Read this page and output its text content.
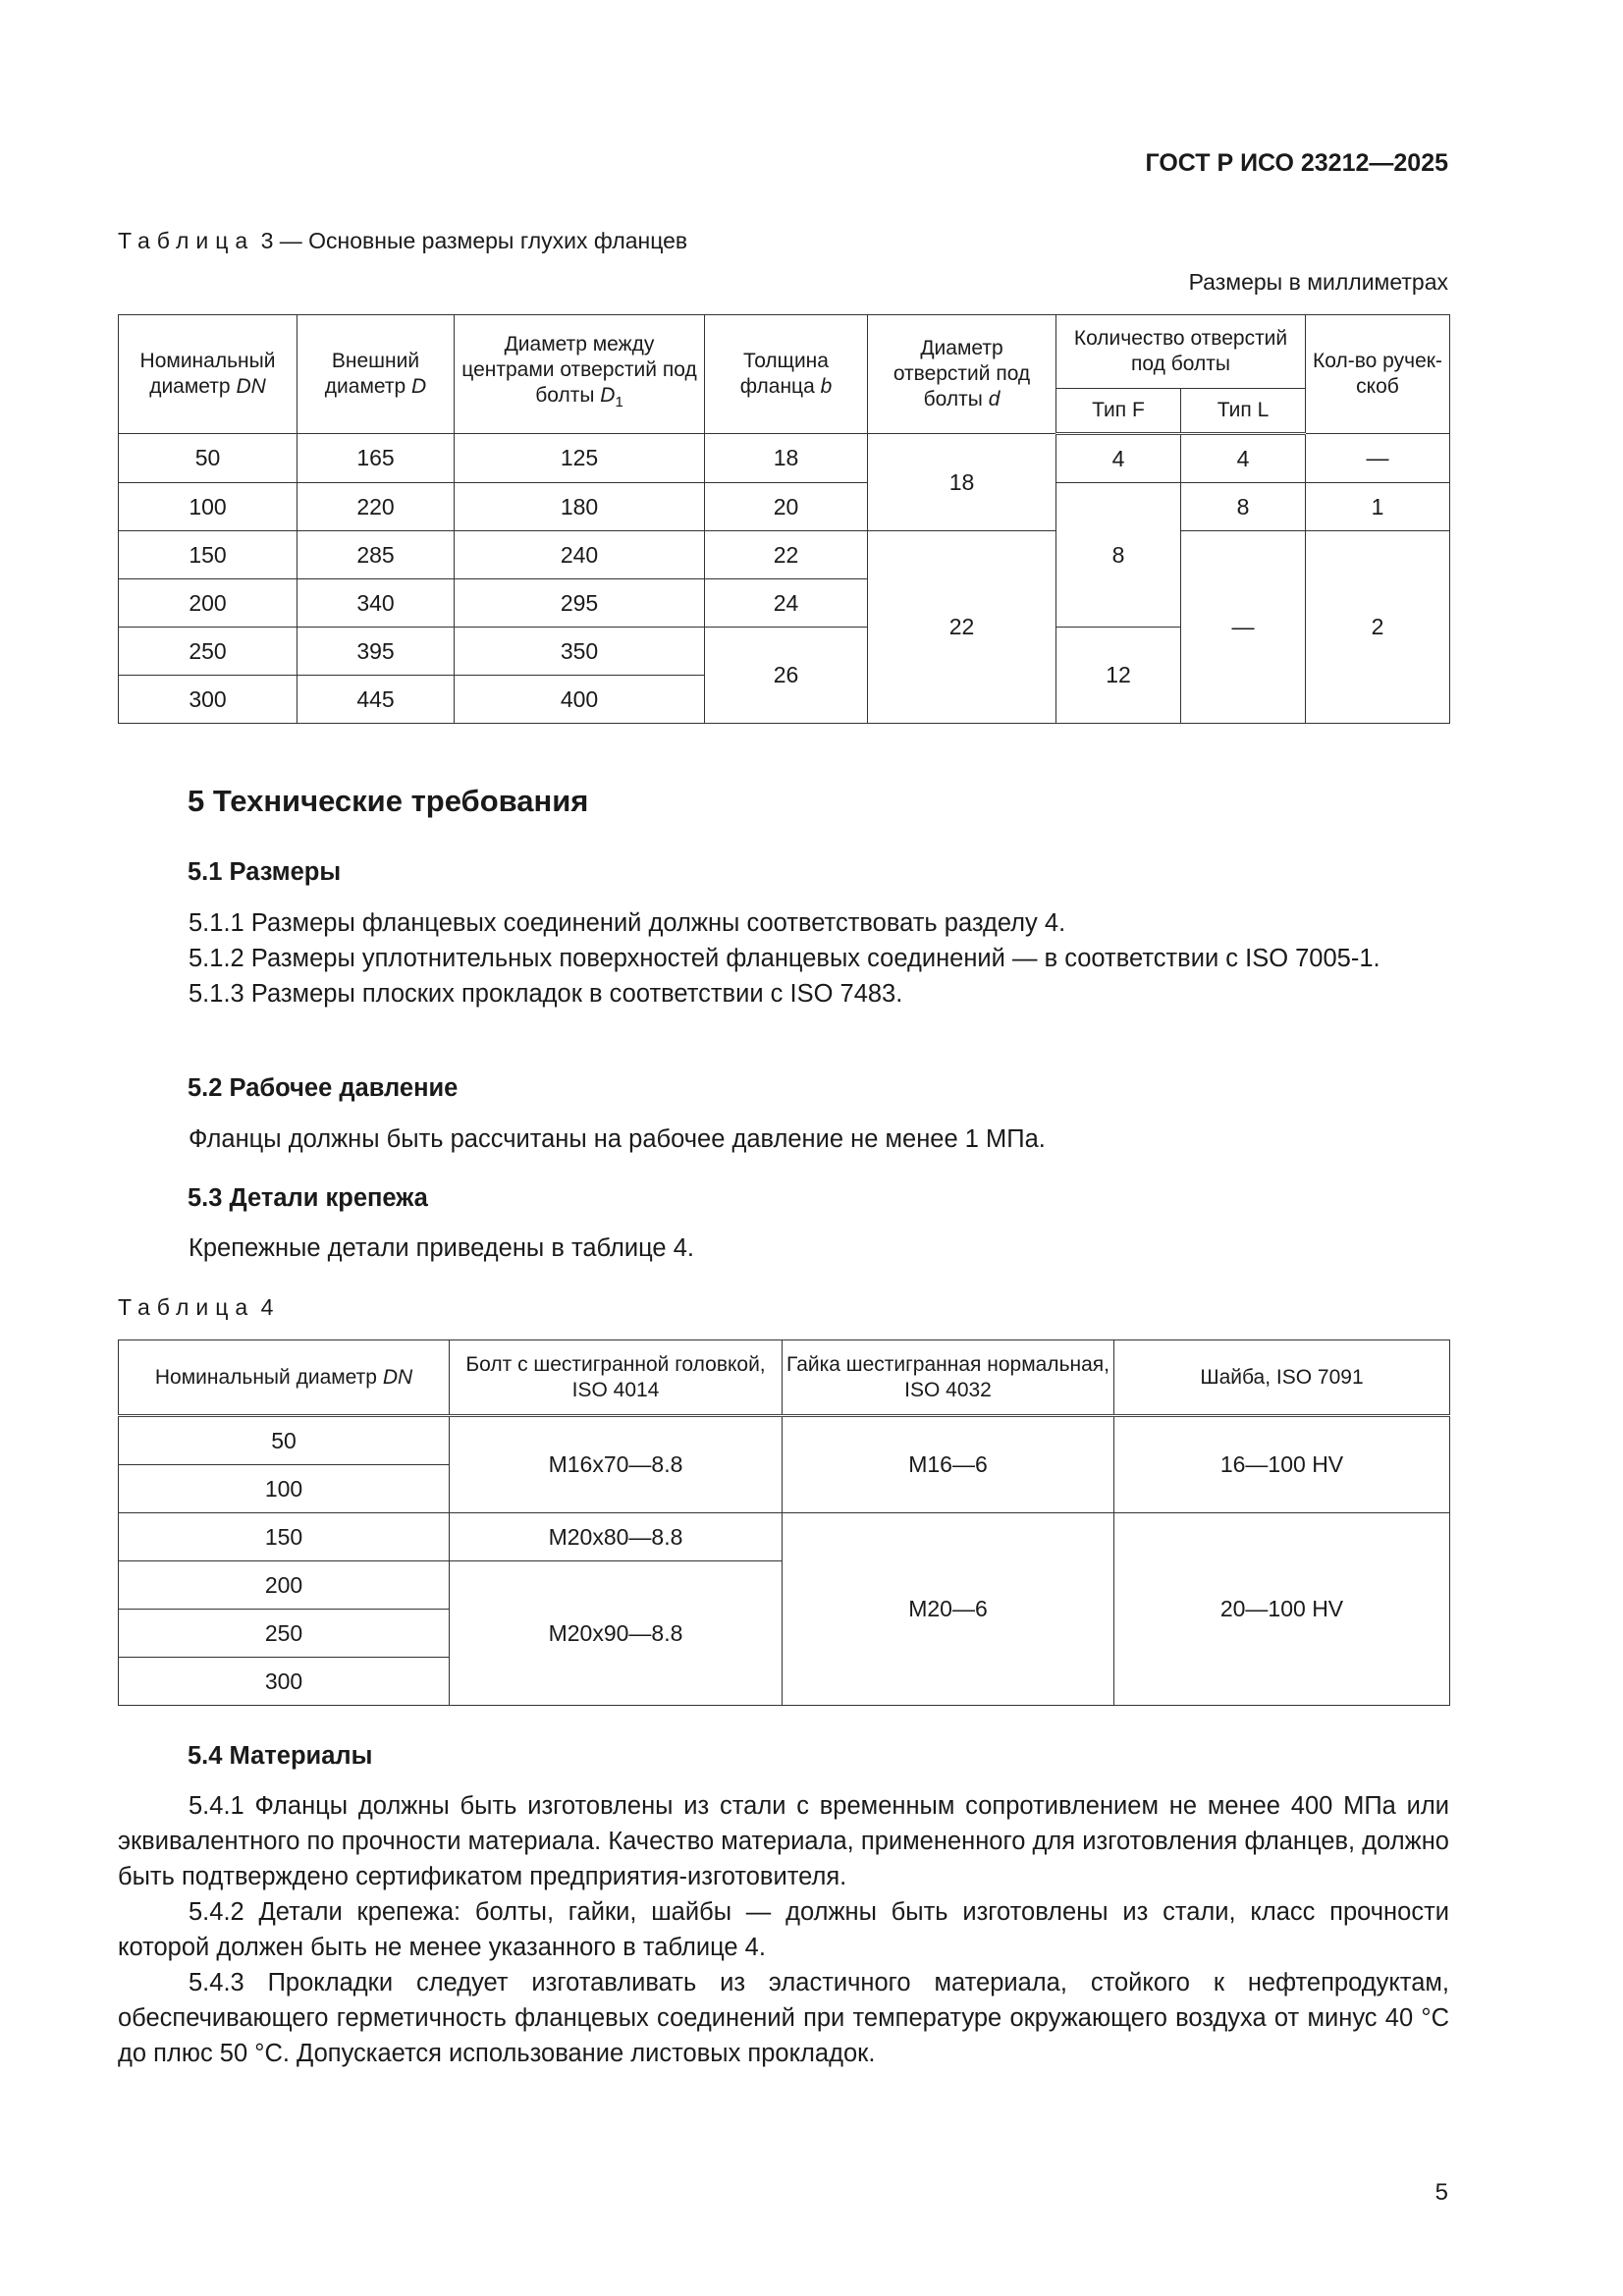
ГОСТ Р ИСО 23212—2025
Таблица 3 — Основные размеры глухих фланцев
Размеры в миллиметрах
Номинальный диаметр DN	Внешний диаметр D	Диаметр между центрами отверстий под болты $D_1$	Толщина фланца b	Диаметр отверстий под болты d	Количество отверстий под болты		Кол-во ручек-скоб
					Тип F	Тип L	
50	165	125	18	18	4	4	—
100	220	180	20		8	8	1
150	285	240	22	22		—	2
200	340	295	24				
250	395	350	26		12		
300	445	400					
5 Технические требования
5.1 Размеры

5.1.1 Размеры фланцевых соединений должны соответствовать разделу 4.

5.1.2 Размеры уплотнительных поверхностей фланцевых соединений — в соответствии с ISO 7005-1.

5.1.3 Размеры плоских прокладок в соответствии с ISO 7483.

5.2 Рабочее давление

Фланцы должны быть рассчитаны на рабочее давление не менее 1 МПа.

5.3 Детали крепежа

Крепежные детали приведены в таблице 4.

Таблица 4
Номинальный диаметр DN	Болт с шестигранной головкой, ISO 4014	Гайка шестигранная нормальная, ISO 4032	Шайба, ISO 7091
50	M16x70—8.8	M16—6	16—100 HV
100			
150	M20x80—8.8	M20—6	20—100 HV
200	M20x90—8.8		
250			
300			
5.4 Материалы

5.4.1 Фланцы должны быть изготовлены из стали с временным сопротивлением не менее 400 МПа или эквивалентного по прочности материала. Качество материала, примененного для изготовления фланцев, должно быть подтверждено сертификатом предприятия-изготовителя.

5.4.2 Детали крепежа: болты, гайки, шайбы — должны быть изготовлены из стали, класс прочности которой должен быть не менее указанного в таблице 4.

5.4.3 Прокладки следует изготавливать из эластичного материала, стойкого к нефтепродуктам, обеспечивающего герметичность фланцевых соединений при температуре окружающего воздуха от минус 40 °С до плюс 50 °С. Допускается использование листовых прокладок.

5
